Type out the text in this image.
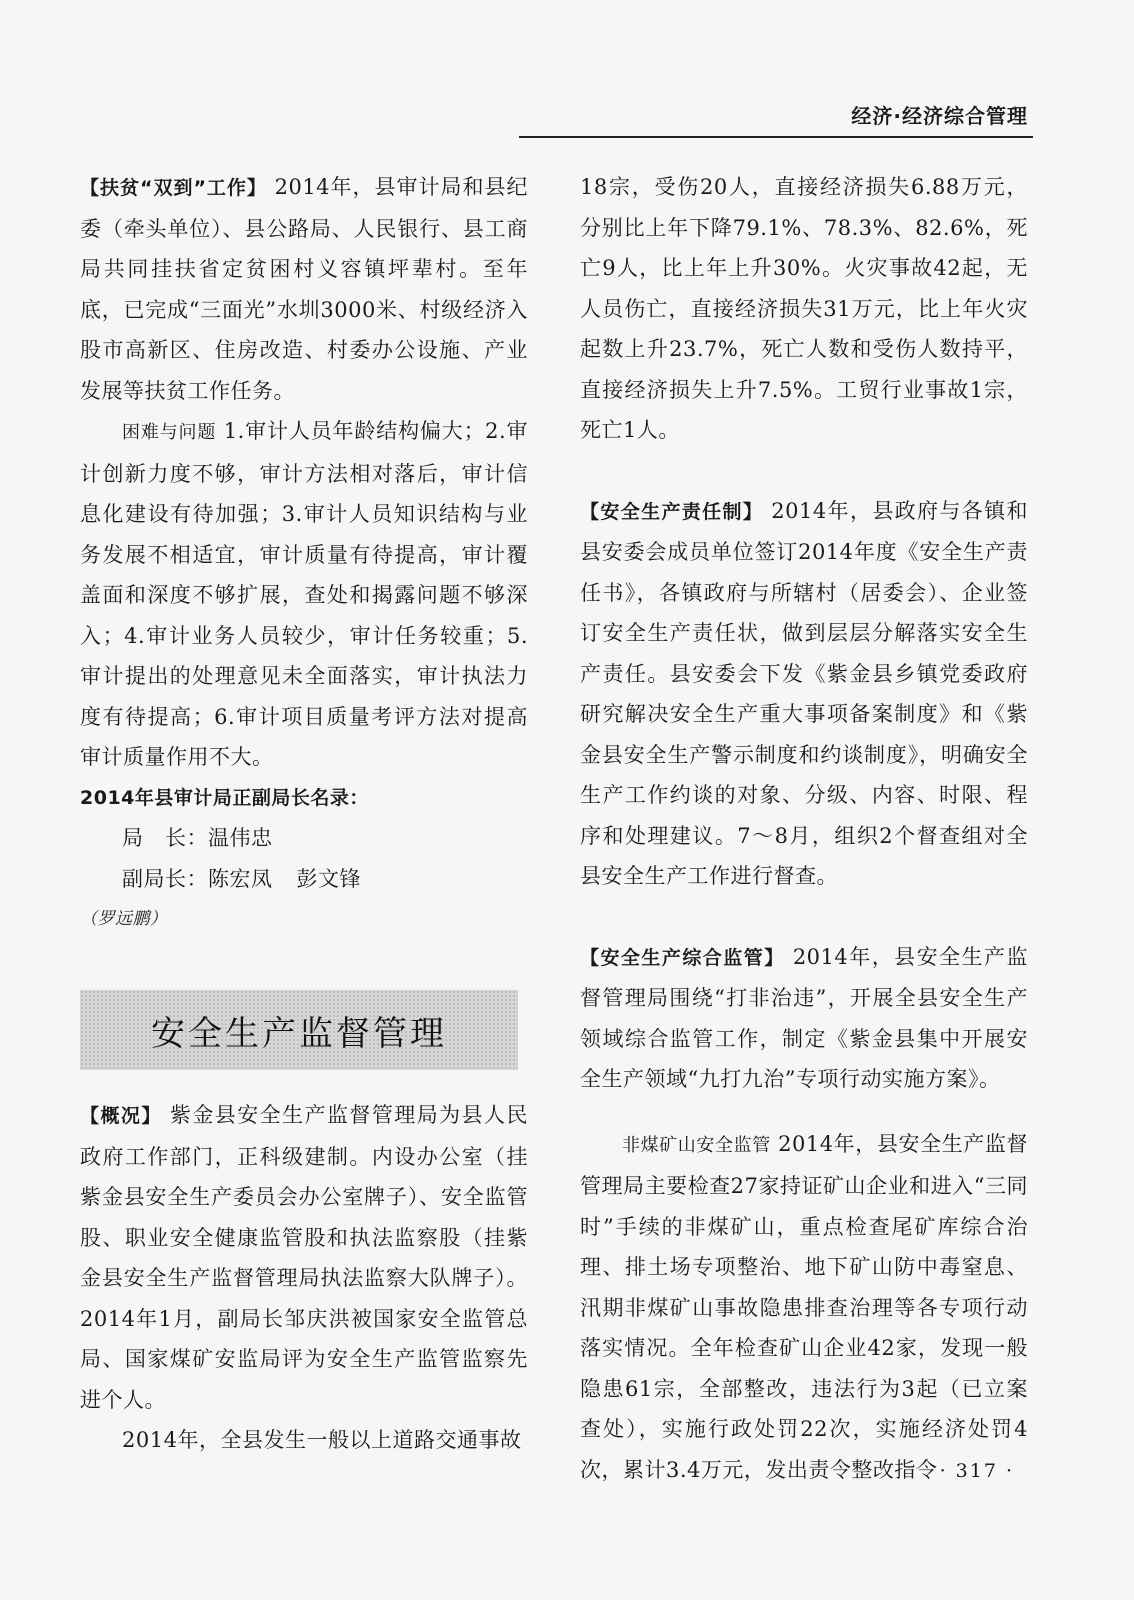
经济·经济综合管理

【扶贫“双到”工作】 2014年，县审计局和县纪委（牵头单位）、县公路局、人民银行、县工商局共同挂扶省定贫困村义容镇坪辈村。至年底，已完成“三面光”水圳3000米、村级经济入股市高新区、住房改造、村委办公设施、产业发展等扶贫工作任务。

困难与问题 1.审计人员年龄结构偏大；2.审计创新力度不够，审计方法相对落后，审计信息化建设有待加强；3.审计人员知识结构与业务发展不相适宜，审计质量有待提高，审计覆盖面和深度不够扩展，查处和揭露问题不够深入；4.审计业务人员较少，审计任务较重；5.审计提出的处理意见未全面落实，审计执法力度有待提高；6.审计项目质量考评方法对提高审计质量作用不大。

2014年县审计局正副局长名录：

局　长：温伟忠

副局长：陈宏凤 彭文锋

（罗远鹏）

安全生产监督管理

【概况】 紫金县安全生产监督管理局为县人民政府工作部门，正科级建制。内设办公室（挂紫金县安全生产委员会办公室牌子）、安全监管股、职业安全健康监管股和执法监察股（挂紫金县安全生产监督管理局执法监察大队牌子）。2014年1月，副局长邹庆洪被国家安全监管总局、国家煤矿安监局评为安全生产监管监察先进个人。

2014年，全县发生一般以上道路交通事故

18宗，受伤20人，直接经济损失6.88万元，分别比上年下降79.1%、78.3%、82.6%，死亡9人，比上年上升30%。火灾事故42起，无人员伤亡，直接经济损失31万元，比上年火灾起数上升23.7%，死亡人数和受伤人数持平，直接经济损失上升7.5%。工贸行业事故1宗，死亡1人。

【安全生产责任制】 2014年，县政府与各镇和县安委会成员单位签订2014年度《安全生产责任书》，各镇政府与所辖村（居委会）、企业签订安全生产责任状，做到层层分解落实安全生产责任。县安委会下发《紫金县乡镇党委政府研究解决安全生产重大事项备案制度》和《紫金县安全生产警示制度和约谈制度》，明确安全生产工作约谈的对象、分级、内容、时限、程序和处理建议。7～8月，组织2个督查组对全县安全生产工作进行督查。

【安全生产综合监管】 2014年，县安全生产监督管理局围绕“打非治违”，开展全县安全生产领域综合监管工作，制定《紫金县集中开展安全生产领域“九打九治”专项行动实施方案》。

非煤矿山安全监管 2014年，县安全生产监督管理局主要检查27家持证矿山企业和进入“三同时”手续的非煤矿山，重点检查尾矿库综合治理、排土场专项整治、地下矿山防中毒窒息、汛期非煤矿山事故隐患排查治理等各专项行动落实情况。全年检查矿山企业42家，发现一般隐患61宗，全部整改，违法行为3起（已立案查处），实施行政处罚22次，实施经济处罚4次，累计3.4万元，发出责令整改指令 · 317 ·
